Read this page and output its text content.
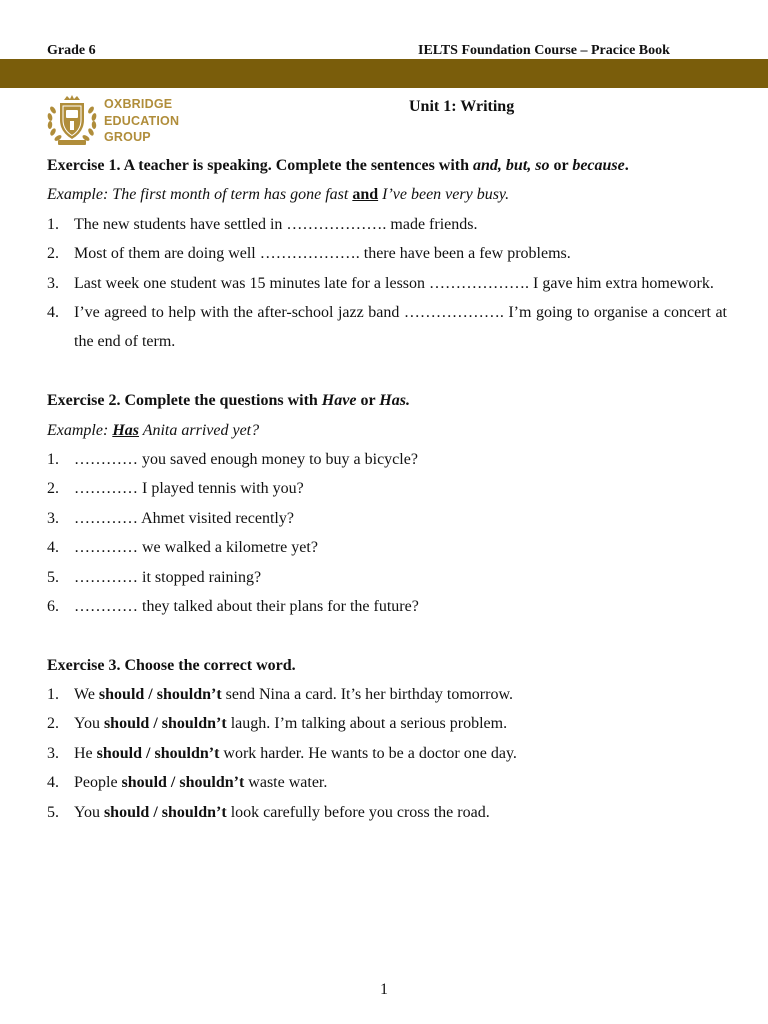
Grade 6	IELTS Foundation Course – Pracice Book
OXBRIDGE
EDUCATION
GROUP
Unit 1: Writing
Exercise 1. A teacher is speaking. Complete the sentences with and, but, so or because.
Example: The first month of term has gone fast and I’ve been very busy.
1. The new students have settled in ………………. made friends.
2. Most of them are doing well ………………. there have been a few problems.
3. Last week one student was 15 minutes late for a lesson ………………. I gave him extra homework.
4. I’ve agreed to help with the after-school jazz band ………………. I’m going to organise a concert at the end of term.
Exercise 2. Complete the questions with Have or Has.
Example: Has Anita arrived yet?
1. ………… you saved enough money to buy a bicycle?
2. ………… I played tennis with you?
3. ………… Ahmet visited recently?
4. ………… we walked a kilometre yet?
5. ………… it stopped raining?
6. ………… they talked about their plans for the future?
Exercise 3. Choose the correct word.
1. We should / shouldn’t send Nina a card. It’s her birthday tomorrow.
2. You should / shouldn’t laugh. I’m talking about a serious problem.
3. He should / shouldn’t work harder. He wants to be a doctor one day.
4. People should / shouldn’t waste water.
5. You should / shouldn’t look carefully before you cross the road.
1
